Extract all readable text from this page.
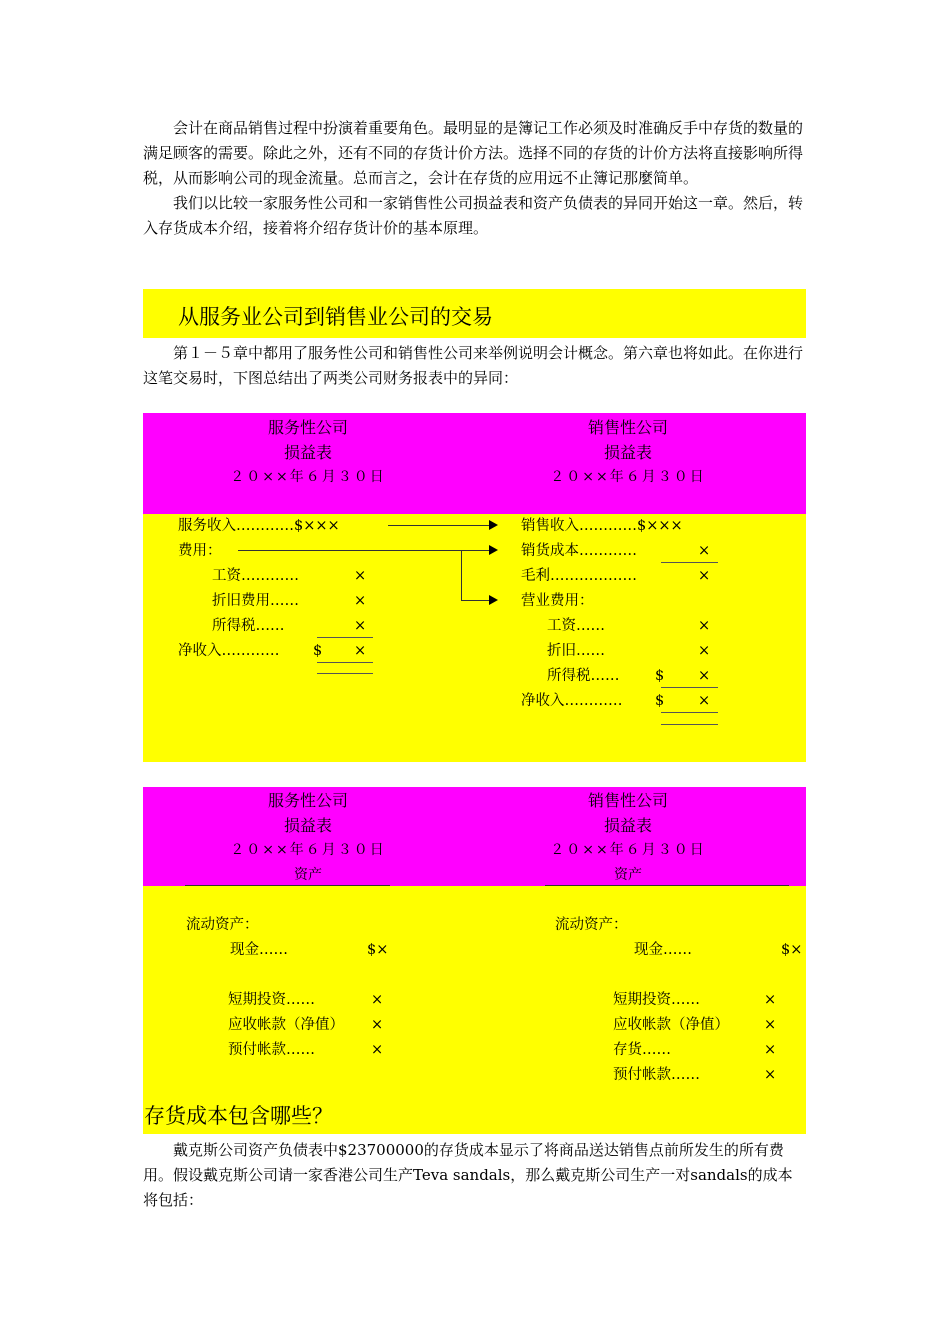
会计在商品销售过程中扮演着重要角色。最明显的是簿记工作必须及时准确反手中存货的数量的满足顾客的需要。除此之外，还有不同的存货计价方法。选择不同的存货的计价方法将直接影响所得税，从而影响公司的现金流量。总而言之，会计在存货的应用远不止簿记那麼简单。

我们以比较一家服务性公司和一家销售性公司损益表和资产负债表的异同开始这一章。然后，转入存货成本介绍，接着将介绍存货计价的基本原理。

从服务业公司到销售业公司的交易

第１－５章中都用了服务性公司和销售性公司来举例说明会计概念。第六章也将如此。在你进行这笔交易时，下图总结出了两类公司财务报表中的异同：

服务性公司
损益表
２０××年６月３０日
销售性公司
损益表
２０××年６月３０日
服务收入…………$×××
费用：
工资…………	×
折旧费用……	×
所得税……	×
净收入………… $ ×
销售收入…………$×××
销货成本…………	×
毛利………………	×
营业费用：
工资……	×
折旧……	×
所得税…… $ ×
净收入………… $ ×
服务性公司
损益表
２０××年６月３０日
资产
销售性公司
损益表
２０××年６月３０日
资产
流动资产：
现金……	$×
短期投资……	×
应收帐款（净值） ×
预付帐款……	×
流动资产：
现金……	$×
短期投资……	×
应收帐款（净值） ×
存货……	×
预付帐款……	×
存货成本包含哪些？

戴克斯公司资产负债表中$23700000的存货成本显示了将商品送达销售点前所发生的所有费用。假设戴克斯公司请一家香港公司生产Teva sandals，那么戴克斯公司生产一对sandals的成本将包括：
